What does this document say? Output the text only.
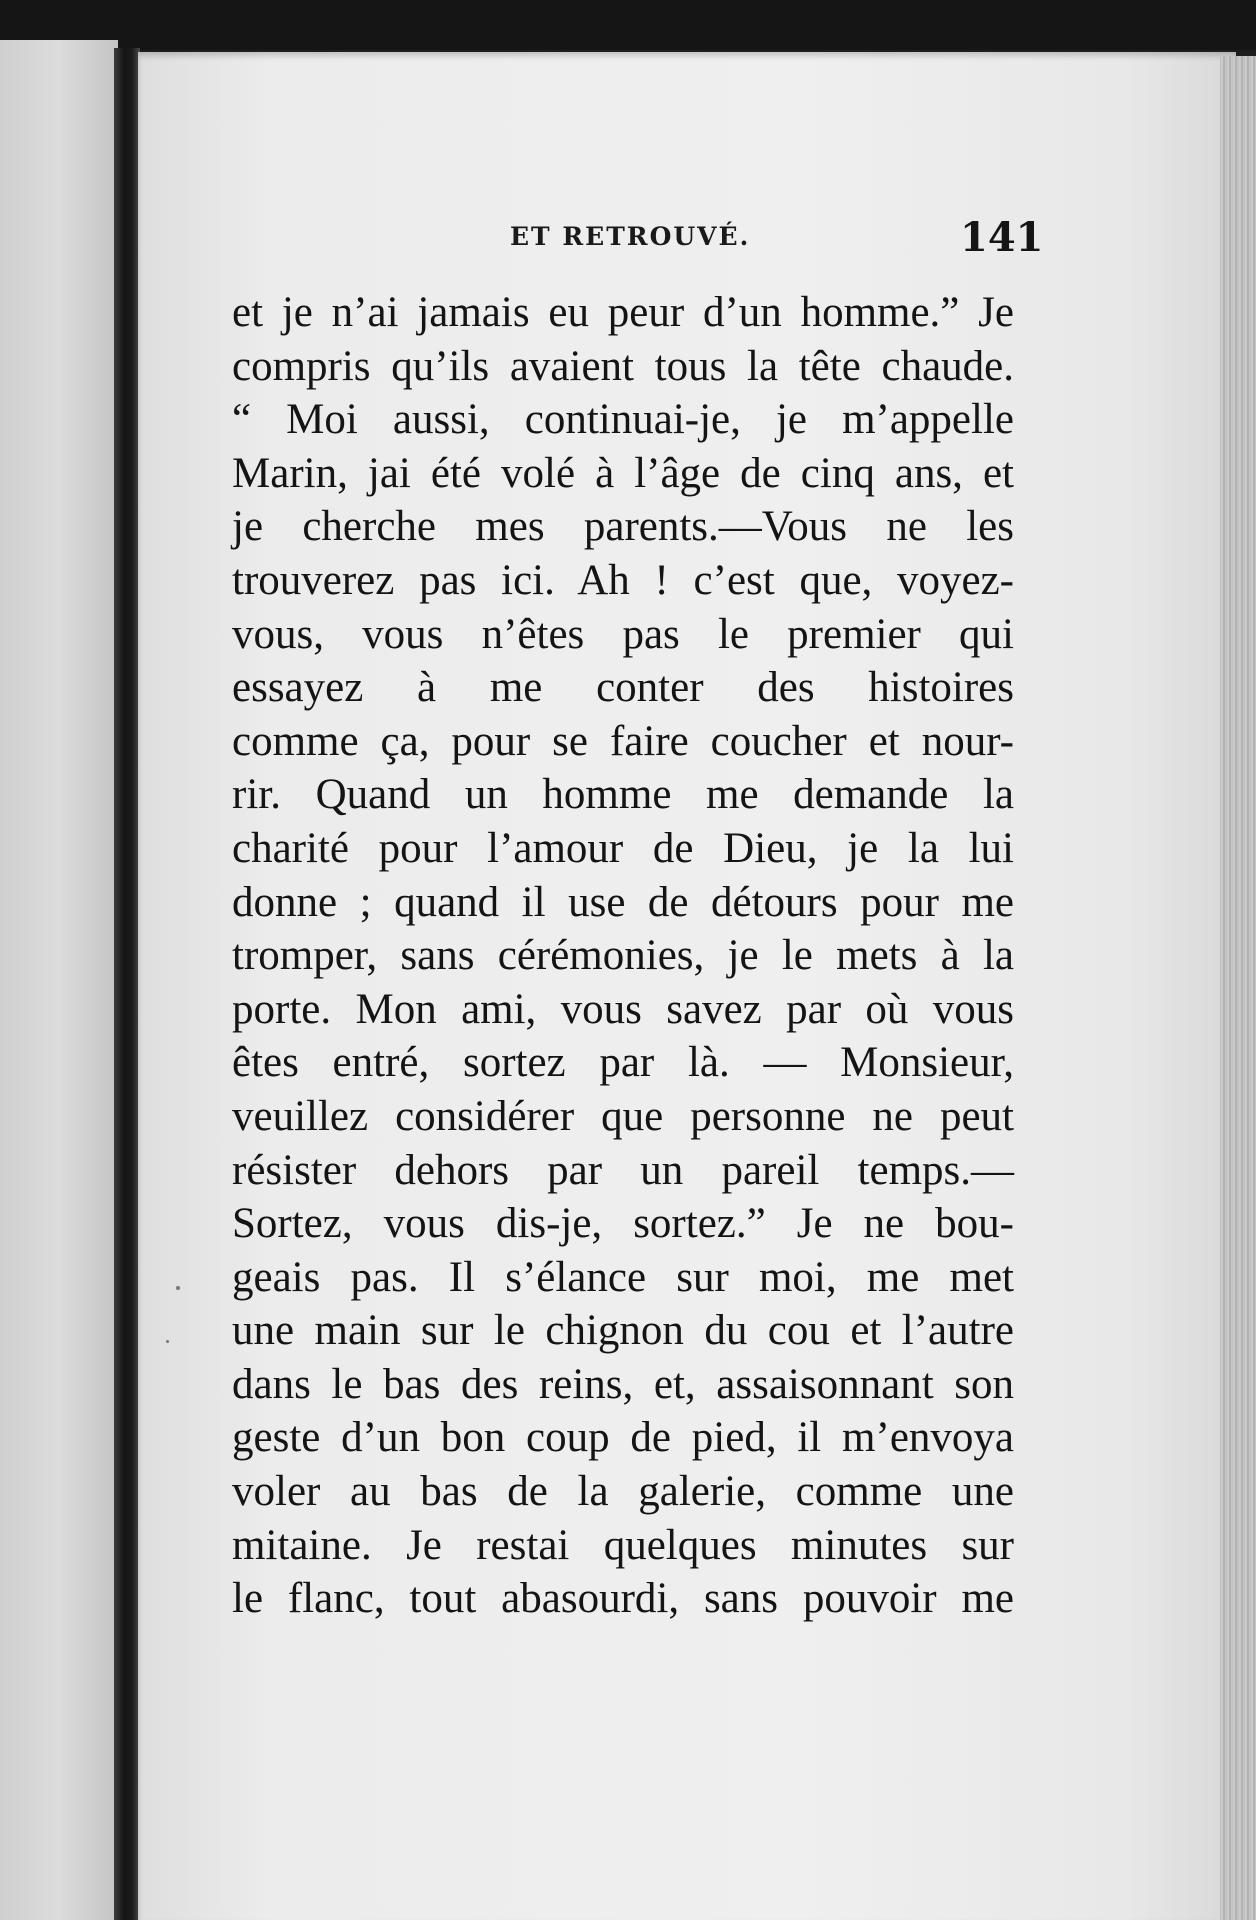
ET RETROUVÉ.	141
et je n’ai jamais eu peur d’un homme.” Je
compris qu’ils avaient tous la tête chaude.
“ Moi aussi, continuai-je, je m’appelle
Marin, jai été volé à l’âge de cinq ans, et
je cherche mes parents.—Vous ne les
trouverez pas ici. Ah ! c’est que, voyez-
vous, vous n’êtes pas le premier qui
essayez à me conter des histoires
comme ça, pour se faire coucher et nour-
rir. Quand un homme me demande la
charité pour l’amour de Dieu, je la lui
donne ; quand il use de détours pour me
tromper, sans cérémonies, je le mets à la
porte. Mon ami, vous savez par où vous
êtes entré, sortez par là. — Monsieur,
veuillez considérer que personne ne peut
résister dehors par un pareil temps.—
Sortez, vous dis-je, sortez.” Je ne bou-
geais pas. Il s’élance sur moi, me met
une main sur le chignon du cou et l’autre
dans le bas des reins, et, assaisonnant son
geste d’un bon coup de pied, il m’envoya
voler au bas de la galerie, comme une
mitaine. Je restai quelques minutes sur
le flanc, tout abasourdi, sans pouvoir me
